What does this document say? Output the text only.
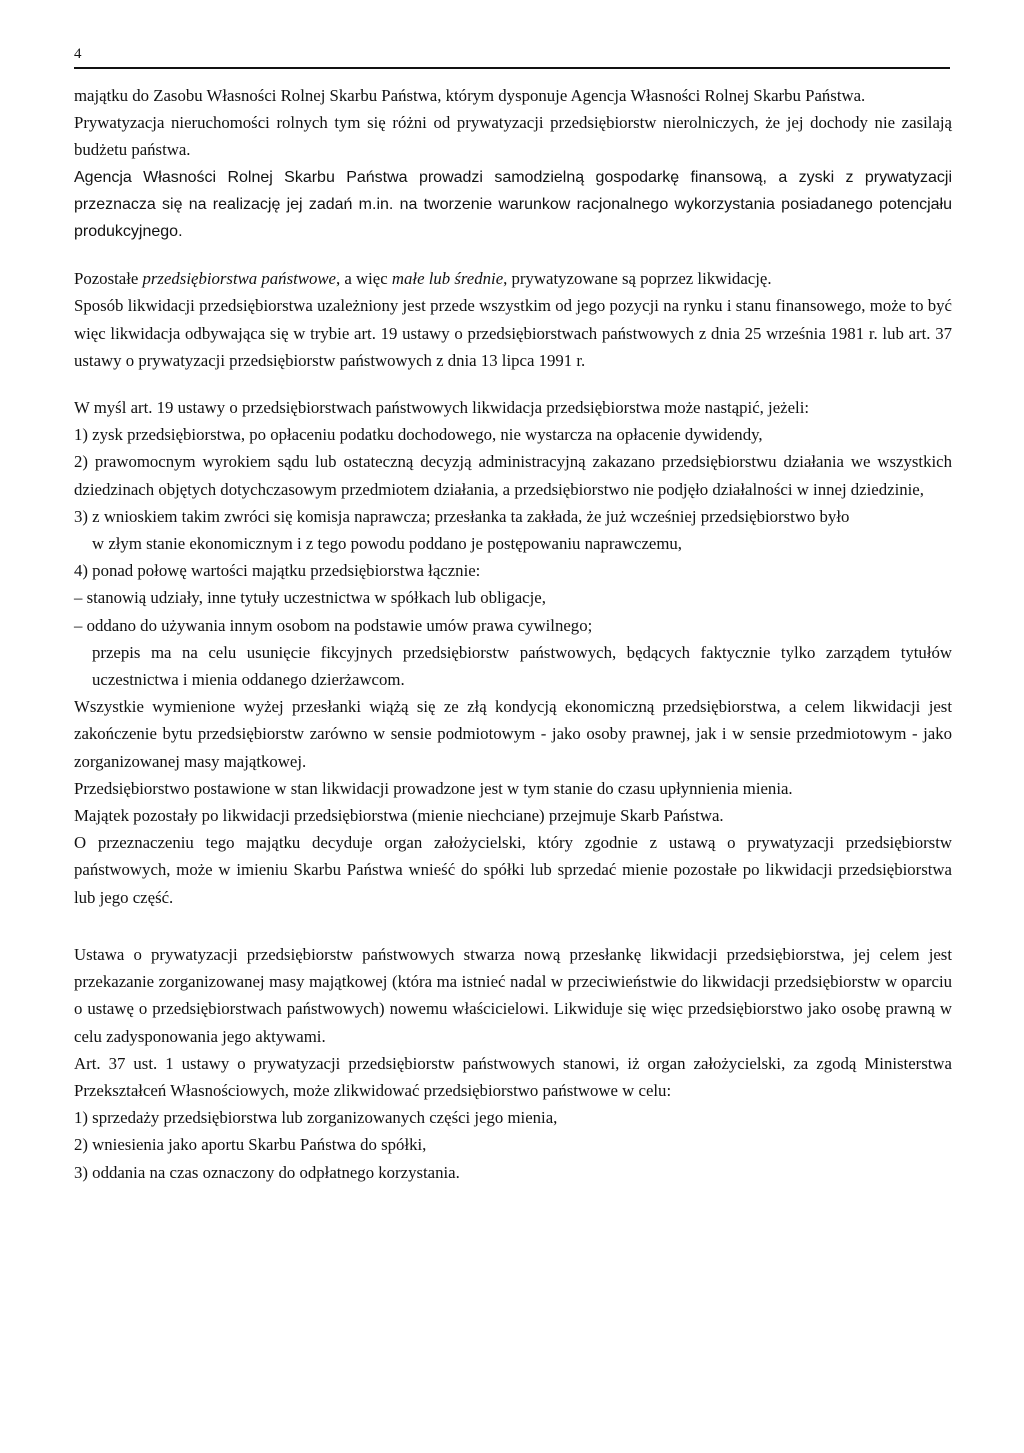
4

majątku do Zasobu Własności Rolnej Skarbu Państwa, którym dysponuje Agencja Własności Rolnej Skarbu Państwa.

Prywatyzacja nieruchomości rolnych tym się różni od prywatyzacji przedsiębiorstw nierolniczych, że jej dochody nie zasilają budżetu państwa.

Agencja Własności Rolnej Skarbu Państwa prowadzi samodzielną gospodarkę finansową, a zyski z prywatyzacji przeznacza się na realizację jej zadań m.in. na tworzenie warunkow racjonalnego wykorzystania posiadanego potencjału produkcyjnego.

Pozostałe przedsiębiorstwa państwowe, a więc małe lub średnie, prywatyzowane są poprzez likwidację.

Sposób likwidacji przedsiębiorstwa uzależniony jest przede wszystkim od jego pozycji na rynku i stanu finansowego, może to być więc likwidacja odbywająca się w trybie art. 19 ustawy o przedsiębiorstwach państwowych z dnia 25 września 1981 r. lub art. 37 ustawy o prywatyzacji przedsiębiorstw państwowych z dnia 13 lipca 1991 r.

W myśl art. 19 ustawy o przedsiębiorstwach państwowych likwidacja przedsiębiorstwa może nastąpić, jeżeli:

1) zysk przedsiębiorstwa, po opłaceniu podatku dochodowego, nie wystarcza na opłacenie dywidendy,

2) prawomocnym wyrokiem sądu lub ostateczną decyzją administracyjną zakazano przedsiębiorstwu działania we wszystkich dziedzinach objętych dotychczasowym przedmiotem działania, a przedsiębiorstwo nie podjęło działalności w innej dziedzinie,

3) z wnioskiem takim zwróci się komisja naprawcza; przesłanka ta zakłada, że już wcześniej przedsiębiorstwo było

w złym stanie ekonomicznym i z tego powodu poddano je postępowaniu naprawczemu,

4) ponad połowę wartości majątku przedsiębiorstwa łącznie:

– stanowią udziały, inne tytuły uczestnictwa w spółkach lub obligacje,

– oddano do używania innym osobom na podstawie umów prawa cywilnego;

przepis ma na celu usunięcie fikcyjnych przedsiębiorstw państwowych, będących faktycznie tylko zarządem tytułów uczestnictwa i mienia oddanego dzierżawcom.

Wszystkie wymienione wyżej przesłanki wiążą się ze złą kondycją ekonomiczną przedsiębiorstwa, a celem likwidacji jest zakończenie bytu przedsiębiorstw zarówno w sensie podmiotowym - jako osoby prawnej, jak i w sensie przedmiotowym - jako zorganizowanej masy majątkowej.

Przedsiębiorstwo postawione w stan likwidacji prowadzone jest w tym stanie do czasu upłynnienia mienia.

Majątek pozostały po likwidacji przedsiębiorstwa (mienie niechciane) przejmuje Skarb Państwa.

O przeznaczeniu tego majątku decyduje organ założycielski, który zgodnie z ustawą o prywatyzacji przedsiębiorstw państwowych, może w imieniu Skarbu Państwa wnieść do spółki lub sprzedać mienie pozostałe po likwidacji przedsiębiorstwa lub jego część.

Ustawa o prywatyzacji przedsiębiorstw państwowych stwarza nową przesłankę likwidacji przedsiębiorstwa, jej celem jest przekazanie zorganizowanej masy majątkowej (która ma istnieć nadal w przeciwieństwie do likwidacji przedsiębiorstw w oparciu o ustawę o przedsiębiorstwach państwowych) nowemu właścicielowi. Likwiduje się więc przedsiębiorstwo jako osobę prawną w celu zadysponowania jego aktywami.

Art. 37 ust. 1 ustawy o prywatyzacji przedsiębiorstw państwowych stanowi, iż organ założycielski, za zgodą Ministerstwa Przekształceń Własnościowych, może zlikwidować przedsiębiorstwo państwowe w celu:

1) sprzedaży przedsiębiorstwa lub zorganizowanych części jego mienia,

2) wniesienia jako aportu Skarbu Państwa do spółki,

3) oddania na czas oznaczony do odpłatnego korzystania.
